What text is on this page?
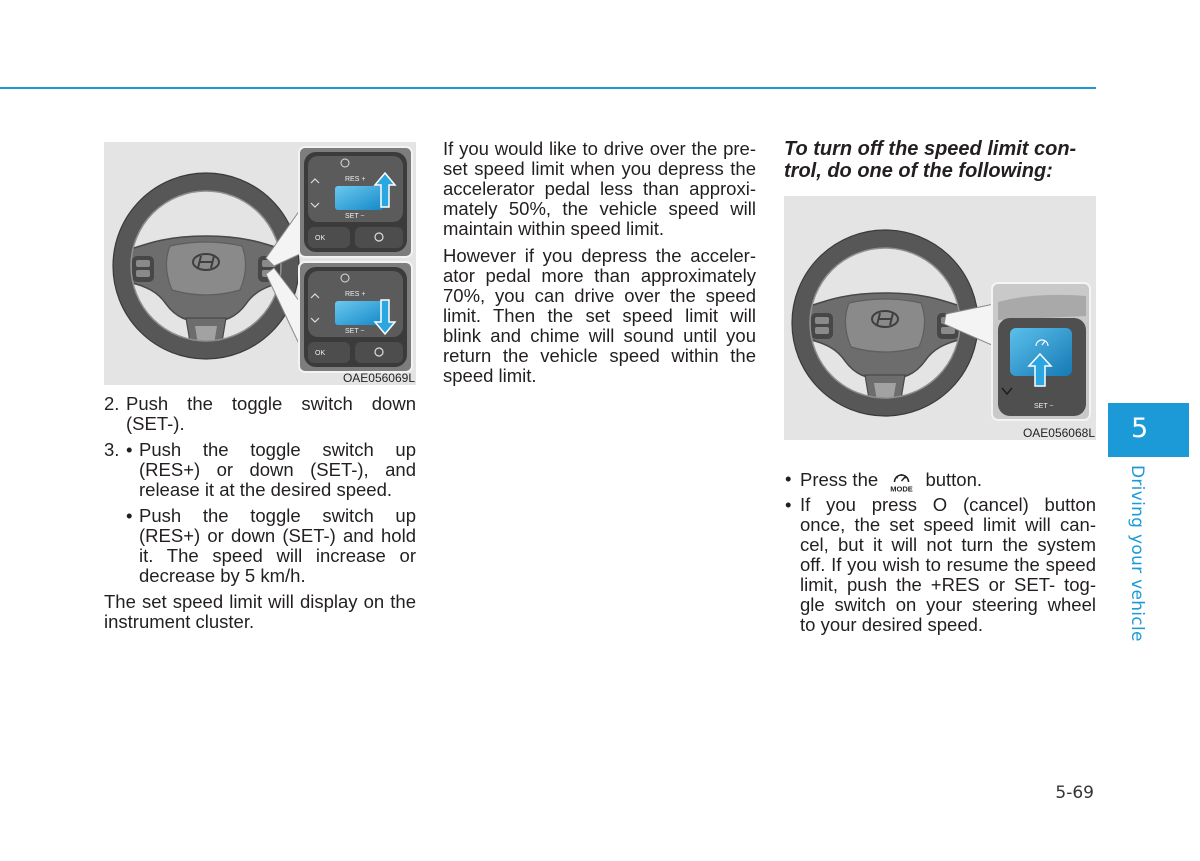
RES +
SET −
OK
RES +
SET −
OK
OAE056069L
2. Push the toggle switch down
(SET-).
3. • Push the toggle switch up
(RES+) or down (SET-), and
release it at the desired speed.
• Push the toggle switch up
(RES+) or down (SET-) and hold
it. The speed will increase or
decrease by 5 km/h.
The set speed limit will display on the
instrument cluster.
If you would like to drive over the pre-
set speed limit when you depress the
accelerator pedal less than approxi-
mately 50%, the vehicle speed will
maintain within speed limit.
However if you depress the acceler-
ator pedal more than approximately
70%, you can drive over the speed
limit. Then the set speed limit will
blink and chime will sound until you
return the vehicle speed within the
speed limit.
To turn off the speed limit con-
trol, do one of the following:
SET −
OAE056068L
• Press the MODE button.
• If you press O (cancel) button
once, the set speed limit will can-
cel, but it will not turn the system
off. If you wish to resume the speed
limit, push the +RES or SET- tog-
gle switch on your steering wheel
to your desired speed.
5
Driving your vehicle
5-69
